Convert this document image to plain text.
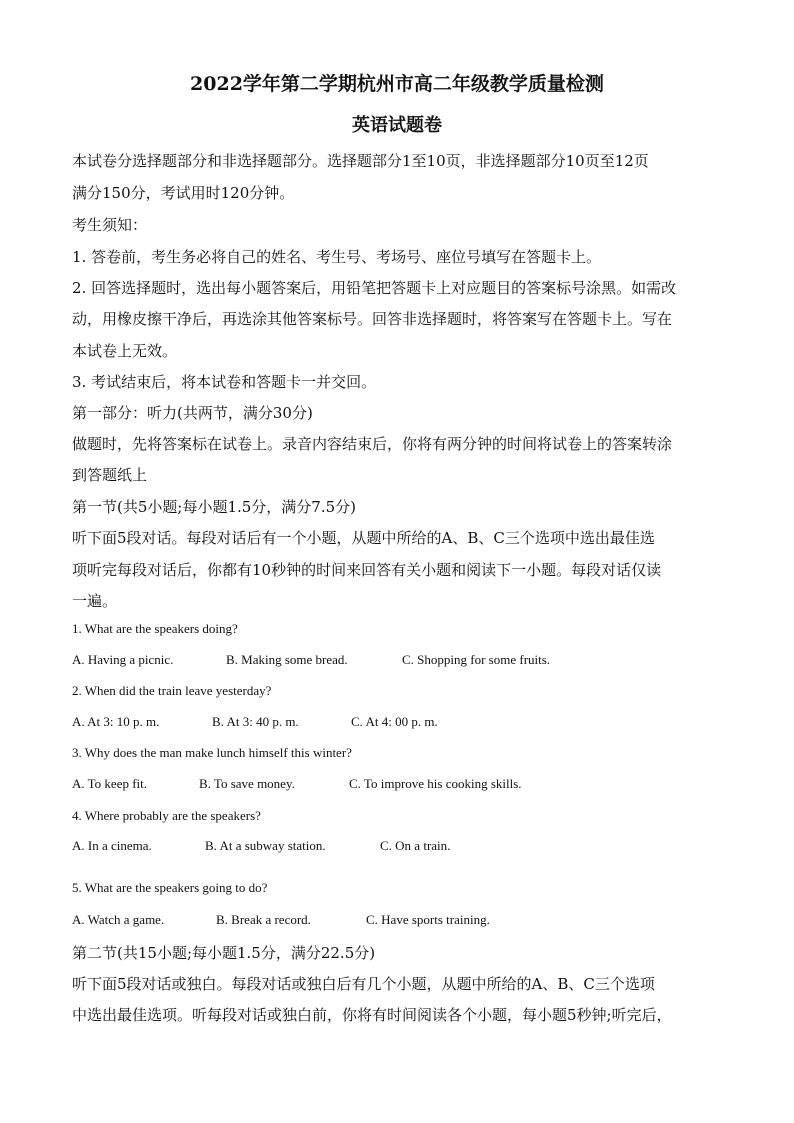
2022学年第二学期杭州市高二年级教学质量检测
英语试题卷
本试卷分选择题部分和非选择题部分。选择题部分1至10页，非选择题部分10页至12页
满分150分，考试用时120分钟。
考生须知：
1. 答卷前，考生务必将自己的姓名、考生号、考场号、座位号填写在答题卡上。
2. 回答选择题时，选出每小题答案后，用铅笔把答题卡上对应题目的答案标号涂黑。如需改
动，用橡皮擦干净后，再选涂其他答案标号。回答非选择题时，将答案写在答题卡上。写在
本试卷上无效。
3. 考试结束后，将本试卷和答题卡一并交回。
第一部分：听力(共两节，满分30分)
做题时，先将答案标在试卷上。录音内容结束后，你将有两分钟的时间将试卷上的答案转涂
到答题纸上
第一节(共5小题;每小题1.5分，满分7.5分)
听下面5段对话。每段对话后有一个小题，从题中所给的A、B、C三个选项中选出最佳选
项听完每段对话后，你都有10秒钟的时间来回答有关小题和阅读下一小题。每段对话仅读
一遍。
1. What are the speakers doing?
A. Having a picnic.	B. Making some bread.	C. Shopping for some fruits.
2. When did the train leave yesterday?
A. At 3: 10 p. m.	B. At 3: 40 p. m.	C. At 4: 00 p. m.
3. Why does the man make lunch himself this winter?
A. To keep fit.	B. To save money.	C. To improve his cooking skills.
4. Where probably are the speakers?
A. In a cinema.	B. At a subway station.	C. On a train.
5. What are the speakers going to do?
A. Watch a game.	B. Break a record.	C. Have sports training.
第二节(共15小题;每小题1.5分，满分22.5分)
听下面5段对话或独白。每段对话或独白后有几个小题，从题中所给的A、B、C三个选项
中选出最佳选项。听每段对话或独白前，你将有时间阅读各个小题，每小题5秒钟;听完后，
